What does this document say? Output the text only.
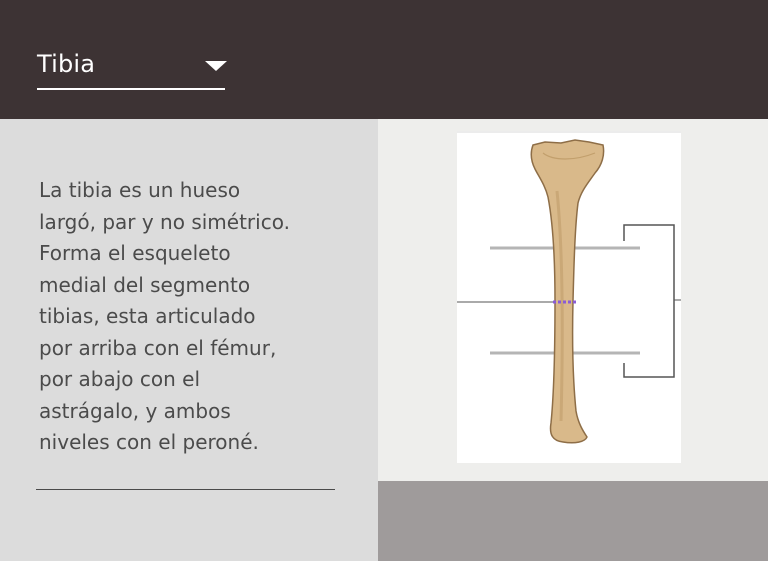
Tibia

La tibia es un hueso
largó, par y no simétrico.
Forma el esqueleto
medial del segmento
tibias, esta articulado
por arriba con el fémur,
por abajo con el
astrágalo, y ambos
niveles con el peroné.
